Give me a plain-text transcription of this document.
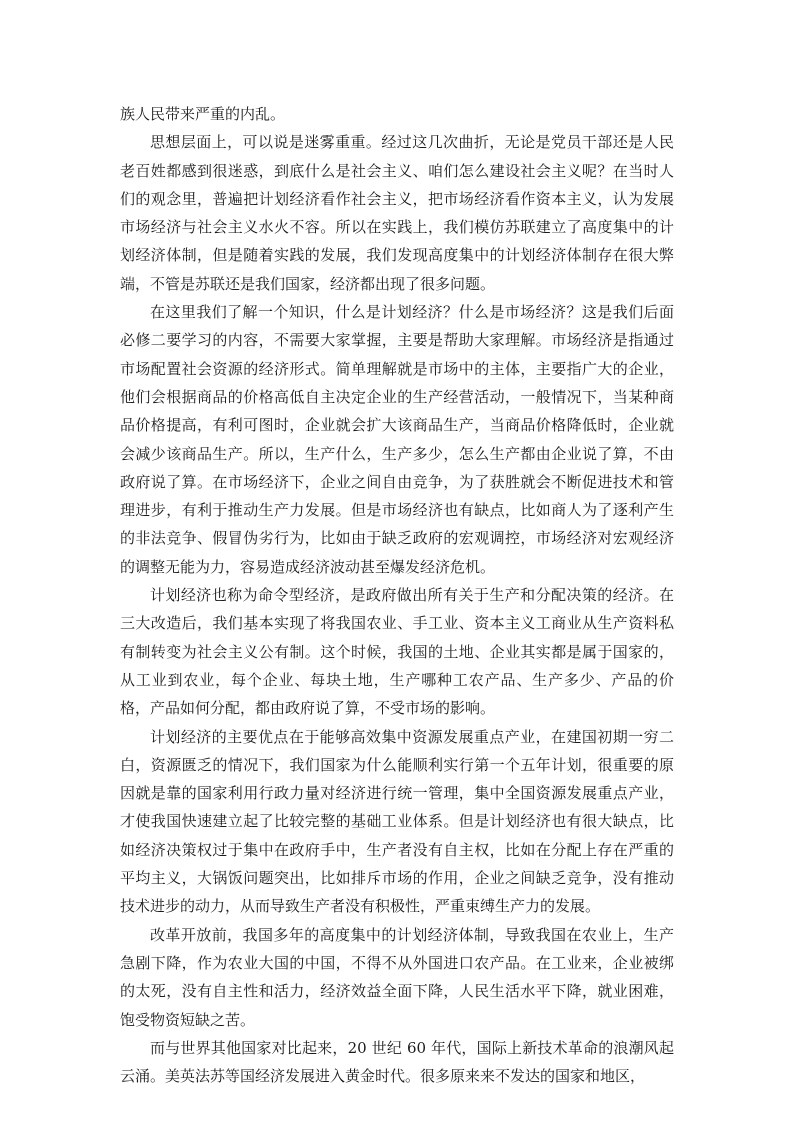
族人民带来严重的内乱。

思想层面上，可以说是迷雾重重。经过这几次曲折，无论是党员干部还是人民老百姓都感到很迷惑，到底什么是社会主义、咱们怎么建设社会主义呢？在当时人们的观念里，普遍把计划经济看作社会主义，把市场经济看作资本主义，认为发展市场经济与社会主义水火不容。所以在实践上，我们模仿苏联建立了高度集中的计划经济体制，但是随着实践的发展，我们发现高度集中的计划经济体制存在很大弊端，不管是苏联还是我们国家，经济都出现了很多问题。

在这里我们了解一个知识，什么是计划经济？什么是市场经济？这是我们后面必修二要学习的内容，不需要大家掌握，主要是帮助大家理解。市场经济是指通过市场配置社会资源的经济形式。简单理解就是市场中的主体，主要指广大的企业，他们会根据商品的价格高低自主决定企业的生产经营活动，一般情况下，当某种商品价格提高，有利可图时，企业就会扩大该商品生产，当商品价格降低时，企业就会减少该商品生产。所以，生产什么，生产多少，怎么生产都由企业说了算，不由政府说了算。在市场经济下，企业之间自由竞争，为了获胜就会不断促进技术和管理进步，有利于推动生产力发展。但是市场经济也有缺点，比如商人为了逐利产生的非法竞争、假冒伪劣行为，比如由于缺乏政府的宏观调控，市场经济对宏观经济的调整无能为力，容易造成经济波动甚至爆发经济危机。

计划经济也称为命令型经济，是政府做出所有关于生产和分配决策的经济。在三大改造后，我们基本实现了将我国农业、手工业、资本主义工商业从生产资料私有制转变为社会主义公有制。这个时候，我国的土地、企业其实都是属于国家的，从工业到农业，每个企业、每块土地，生产哪种工农产品、生产多少、产品的价格，产品如何分配，都由政府说了算，不受市场的影响。

计划经济的主要优点在于能够高效集中资源发展重点产业，在建国初期一穷二白，资源匮乏的情况下，我们国家为什么能顺利实行第一个五年计划，很重要的原因就是靠的国家利用行政力量对经济进行统一管理，集中全国资源发展重点产业，才使我国快速建立起了比较完整的基础工业体系。但是计划经济也有很大缺点，比如经济决策权过于集中在政府手中，生产者没有自主权，比如在分配上存在严重的平均主义，大锅饭问题突出，比如排斥市场的作用，企业之间缺乏竞争，没有推动技术进步的动力，从而导致生产者没有积极性，严重束缚生产力的发展。

改革开放前，我国多年的高度集中的计划经济体制，导致我国在农业上，生产急剧下降，作为农业大国的中国，不得不从外国进口农产品。在工业来，企业被绑的太死，没有自主性和活力，经济效益全面下降，人民生活水平下降，就业困难，饱受物资短缺之苦。

而与世界其他国家对比起来，20 世纪 60 年代，国际上新技术革命的浪潮风起云涌。美英法苏等国经济发展进入黄金时代。很多原来来不发达的国家和地区，
